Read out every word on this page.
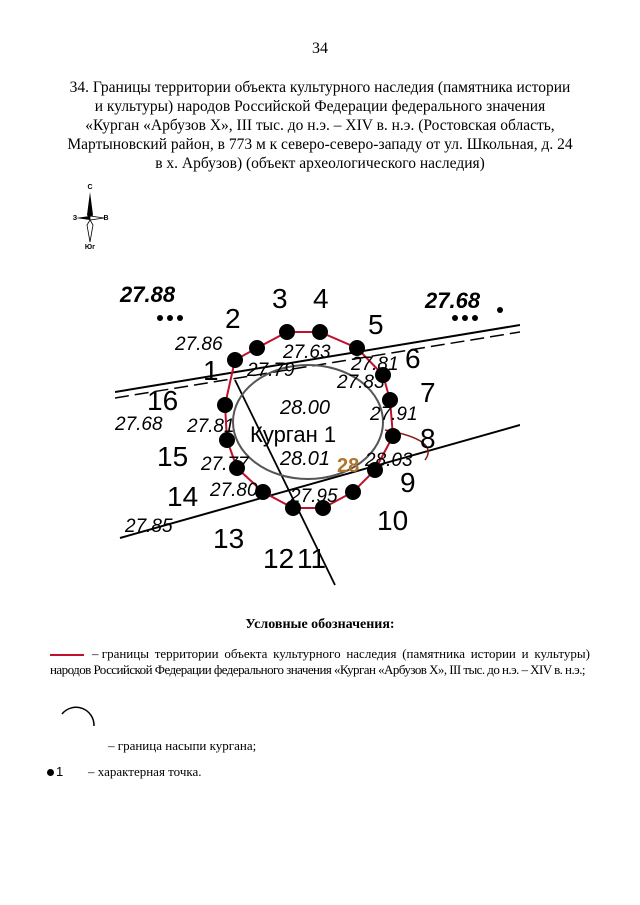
34
34. Границы территории объекта культурного наследия (памятника истории
и культуры) народов Российской Федерации федерального значения
«Курган «Арбузов Х», III тыс. до н.э. – XIV в. н.э. (Ростовская область,
Мартыновский район, в 773 м к северо-северо-западу от ул. Школьная, д. 24
в х. Арбузов) (объект археологического наследия)
С
З	В
Юг
27.88	27.68
27.86	27.63
27.79	27.81
27.83
28.00 27.91
27.68 27.81
27.77 28.01 28.03
27.80 27.95
27.85
Курган 1
28
1
2
3 4
5
6
7
8
9
10
11
12
13
14
15
16
Условные обозначения:
– границы территории объекта культурного наследия (памятника истории и культуры)
народов Российской Федерации федерального значения «Курган «Арбузов Х», III тыс. до н.э. – XIV в. н.э.;
– граница насыпи кургана;
1 – характерная точка.
